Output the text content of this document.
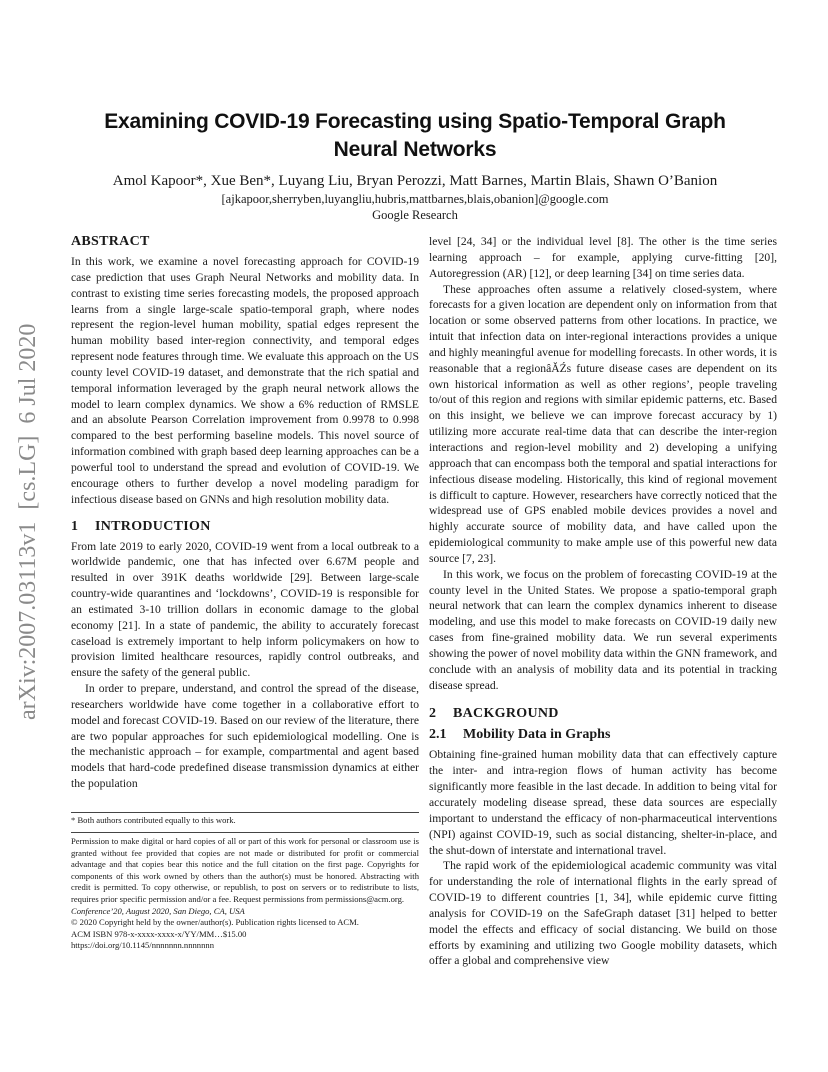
Examining COVID-19 Forecasting using Spatio-Temporal Graph
Neural Networks
Amol Kapoor*, Xue Ben*, Luyang Liu, Bryan Perozzi, Matt Barnes, Martin Blais, Shawn O’Banion
[ajkapoor,sherryben,luyangliu,hubris,mattbarnes,blais,obanion]@google.com
Google Research
arXiv:2007.03113v1  [cs.LG]  6 Jul 2020
ABSTRACT

In this work, we examine a novel forecasting approach for COVID-19 case prediction that uses Graph Neural Networks and mobility data. In contrast to existing time series forecasting models, the proposed approach learns from a single large-scale spatio-temporal graph, where nodes represent the region-level human mobility, spatial edges represent the human mobility based inter-region connectivity, and temporal edges represent node features through time. We evaluate this approach on the US county level COVID-19 dataset, and demonstrate that the rich spatial and temporal information leveraged by the graph neural network allows the model to learn complex dynamics. We show a 6% reduction of RMSLE and an absolute Pearson Correlation improvement from 0.9978 to 0.998 compared to the best performing baseline models. This novel source of information combined with graph based deep learning approaches can be a powerful tool to understand the spread and evolution of COVID-19. We encourage others to further develop a novel modeling paradigm for infectious disease based on GNNs and high resolution mobility data.

1 INTRODUCTION

From late 2019 to early 2020, COVID-19 went from a local outbreak to a worldwide pandemic, one that has infected over 6.67M people and resulted in over 391K deaths worldwide [29]. Between large-scale country-wide quarantines and ‘lockdowns’, COVID-19 is responsible for an estimated 3-10 trillion dollars in economic damage to the global economy [21]. In a state of pandemic, the ability to accurately forecast caseload is extremely important to help inform policymakers on how to provision limited healthcare resources, rapidly control outbreaks, and ensure the safety of the general public.

In order to prepare, understand, and control the spread of the disease, researchers worldwide have come together in a collaborative effort to model and forecast COVID-19. Based on our review of the literature, there are two popular approaches for such epidemiological modelling. One is the mechanistic approach – for example, compartmental and agent based models that hard-code predefined disease transmission dynamics at either the population

* Both authors contributed equally to this work.

Permission to make digital or hard copies of all or part of this work for personal or classroom use is granted without fee provided that copies are not made or distributed for profit or commercial advantage and that copies bear this notice and the full citation on the first page. Copyrights for components of this work owned by others than the author(s) must be honored. Abstracting with credit is permitted. To copy otherwise, or republish, to post on servers or to redistribute to lists, requires prior specific permission and/or a fee. Request permissions from permissions@acm.org.

Conference’20, August 2020, San Diego, CA, USA
© 2020 Copyright held by the owner/author(s). Publication rights licensed to ACM.
ACM ISBN 978-x-xxxx-xxxx-x/YY/MM…$15.00
https://doi.org/10.1145/nnnnnnn.nnnnnnn

level [24, 34] or the individual level [8]. The other is the time series learning approach – for example, applying curve-fitting [20], Autoregression (AR) [12], or deep learning [34] on time series data.

These approaches often assume a relatively closed-system, where forecasts for a given location are dependent only on information from that location or some observed patterns from other locations. In practice, we intuit that infection data on inter-regional interactions provides a unique and highly meaningful avenue for modelling forecasts. In other words, it is reasonable that a regionâĂŹs future disease cases are dependent on its own historical information as well as other regions’, people traveling to/out of this region and regions with similar epidemic patterns, etc. Based on this insight, we believe we can improve forecast accuracy by 1) utilizing more accurate real-time data that can describe the inter-region interactions and region-level mobility and 2) developing a unifying approach that can encompass both the temporal and spatial interactions for infectious disease modeling. Historically, this kind of regional movement is difficult to capture. However, researchers have correctly noticed that the widespread use of GPS enabled mobile devices provides a novel and highly accurate source of mobility data, and have called upon the epidemiological community to make ample use of this powerful new data source [7, 23].

In this work, we focus on the problem of forecasting COVID-19 at the county level in the United States. We propose a spatio-temporal graph neural network that can learn the complex dynamics inherent to disease modeling, and use this model to make forecasts on COVID-19 daily new cases from fine-grained mobility data. We run several experiments showing the power of novel mobility data within the GNN framework, and conclude with an analysis of mobility data and its potential in tracking disease spread.

2 BACKGROUND
2.1 Mobility Data in Graphs

Obtaining fine-grained human mobility data that can effectively capture the inter- and intra-region flows of human activity has become significantly more feasible in the last decade. In addition to being vital for accurately modeling disease spread, these data sources are especially important to understand the efficacy of non-pharmaceutical interventions (NPI) against COVID-19, such as social distancing, shelter-in-place, and the shut-down of interstate and international travel.

The rapid work of the epidemiological academic community was vital for understanding the role of international flights in the early spread of COVID-19 to different countries [1, 34], while epidemic curve fitting analysis for COVID-19 on the SafeGraph dataset [31] helped to better model the effects and efficacy of social distancing. We build on those efforts by examining and utilizing two Google mobility datasets, which offer a global and comprehensive view
